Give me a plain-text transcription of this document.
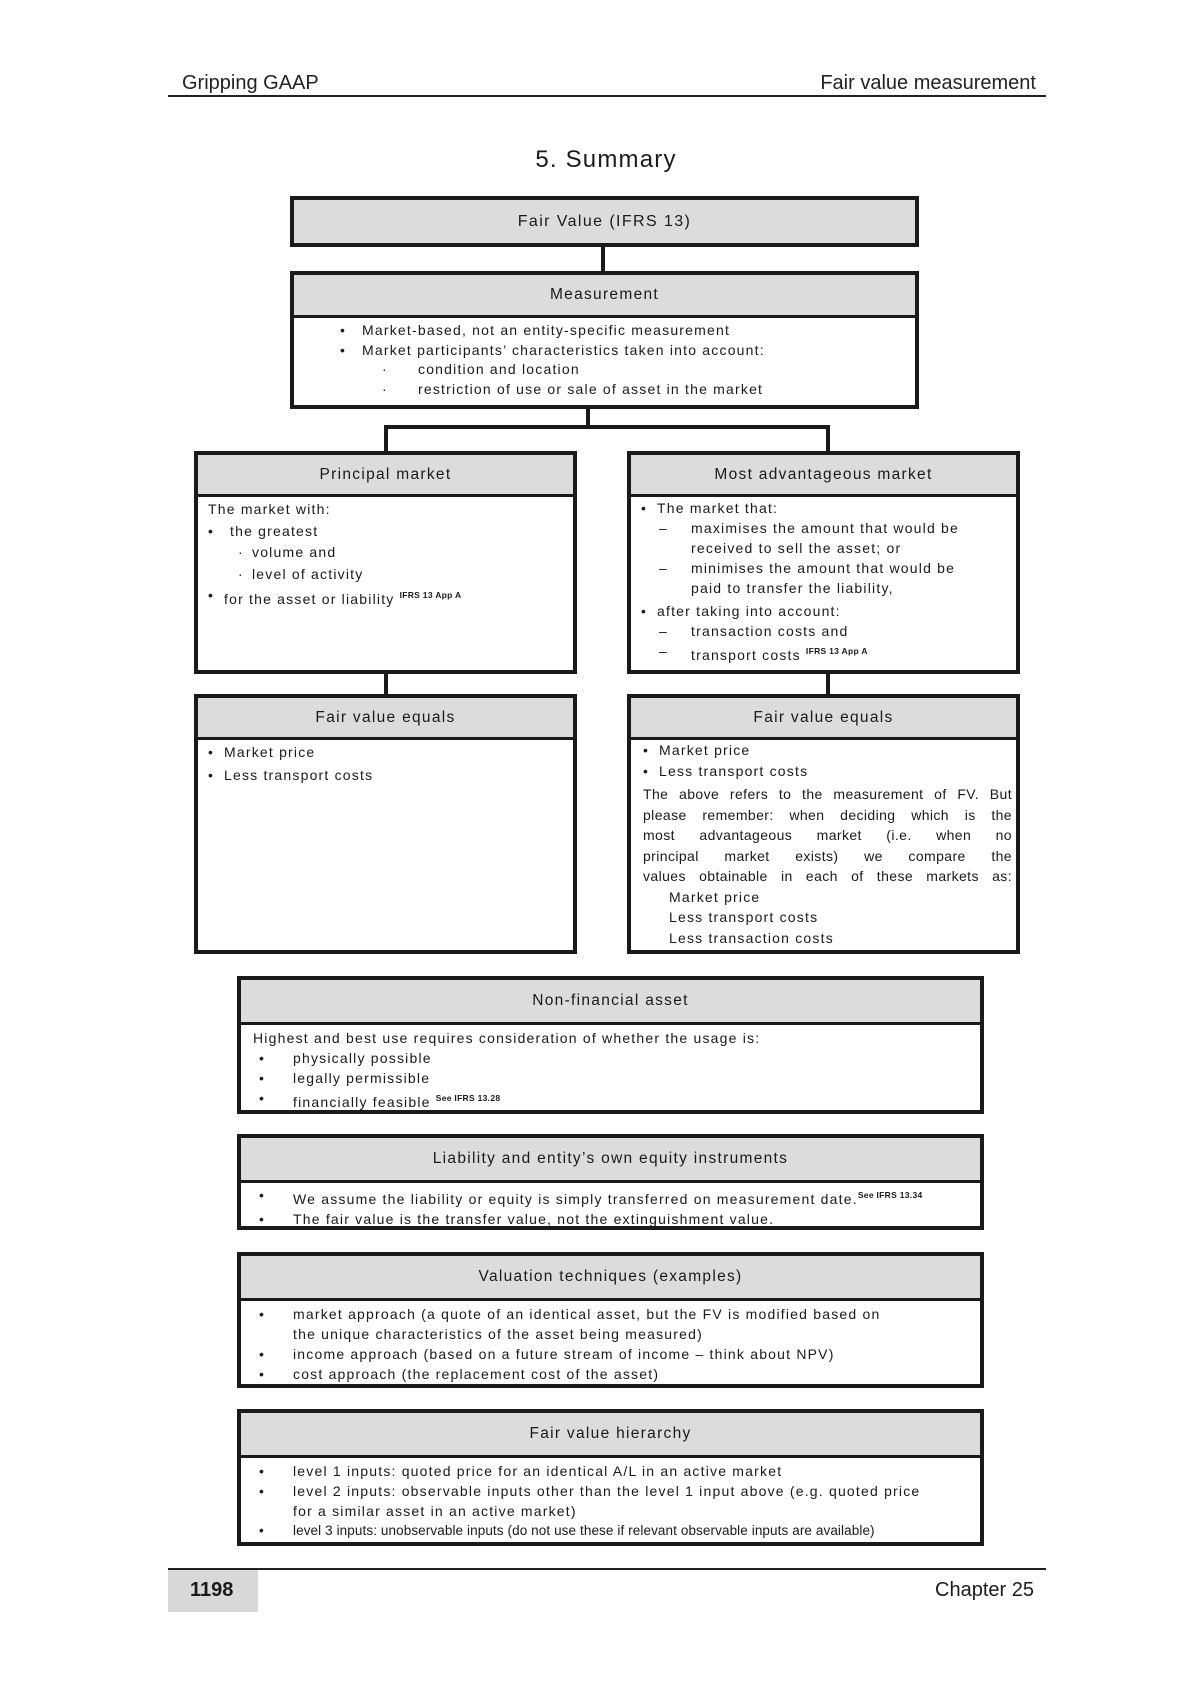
Gripping GAAP	Fair value measurement
5. Summary
Fair Value (IFRS 13)
Measurement
•	Market-based, not an entity-specific measurement
•	Market participants’ characteristics taken into account:
·	condition and location
·	restriction of use or sale of asset in the market
Principal market
The market with:
•	the greatest
· volume and
· level of activity
• for the asset or liability $^{IFRS 13 App A}$
Most advantageous market
• The market that:
–	maximises the amount that would be
received to sell the asset; or
–	minimises the amount that would be
paid to transfer the liability,
• after taking into account:
–	transaction costs and
–	transport costs $^{IFRS 13 App A}$
Fair value equals
• Market price
• Less transport costs
Fair value equals
• Market price
• Less transport costs
The above refers to the measurement of FV. But
please remember: when deciding which is the
most advantageous market (i.e. when no
principal market exists) we compare the
values obtainable in each of these markets as:
Market price
Less transport costs
Less transaction costs
Non-financial asset
Highest and best use requires consideration of whether the usage is:
•	physically possible
•	legally permissible
•	financially feasible $^{See IFRS 13.28}$
Liability and entity’s own equity instruments
•	We assume the liability or equity is simply transferred on measurement date.$^{See IFRS 13.34}$
•	The fair value is the transfer value, not the extinguishment value.
Valuation techniques (examples)
•	market approach (a quote of an identical asset, but the FV is modified based on
the unique characteristics of the asset being measured)
•	income approach (based on a future stream of income – think about NPV)
•	cost approach (the replacement cost of the asset)
Fair value hierarchy
•	level 1 inputs: quoted price for an identical A/L in an active market
•	level 2 inputs: observable inputs other than the level 1 input above (e.g. quoted price
for a similar asset in an active market)
•	level 3 inputs: unobservable inputs (do not use these if relevant observable inputs are available)
1198	Chapter 25
